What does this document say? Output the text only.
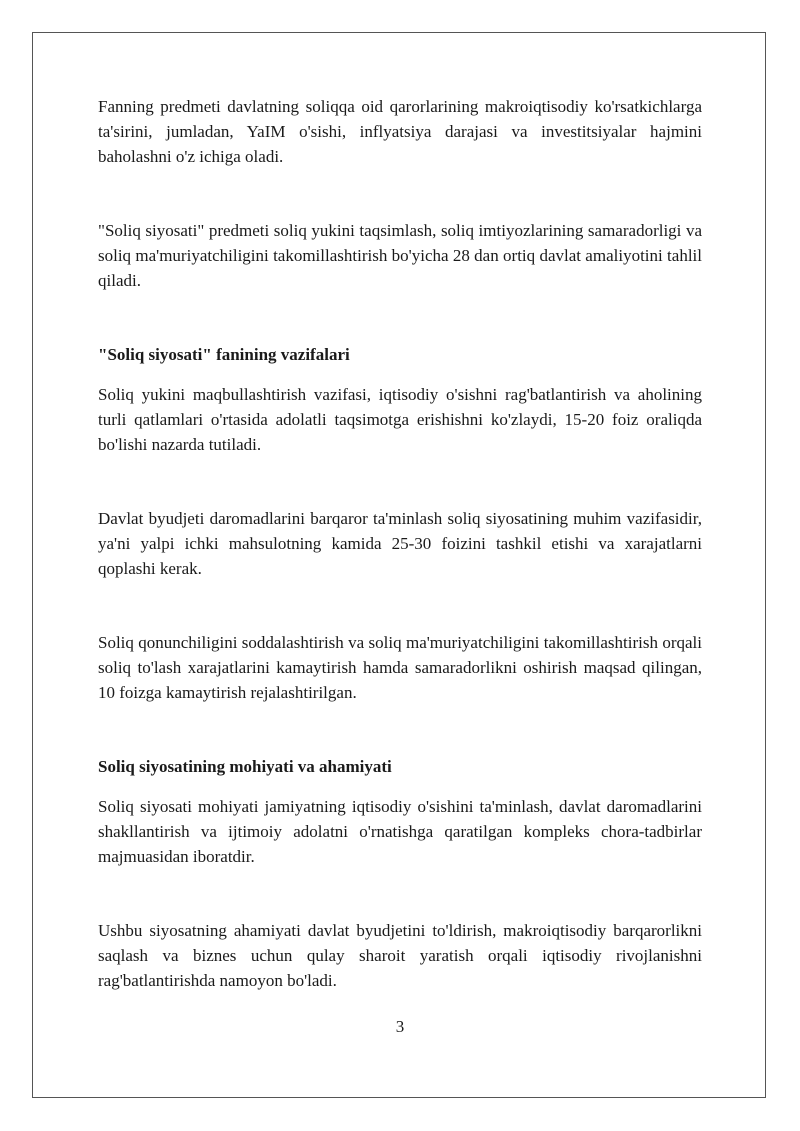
Fanning predmeti davlatning soliqqa oid qarorlarining makroiqtisodiy ko'rsatkichlarga ta'sirini, jumladan, YaIM o'sishi, inflyatsiya darajasi va investitsiyalar hajmini baholashni o'z ichiga oladi.

"Soliq siyosati" predmeti soliq yukini taqsimlash, soliq imtiyozlarining samaradorligi va soliq ma'muriyatchiligini takomillashtirish bo'yicha 28 dan ortiq davlat amaliyotini tahlil qiladi.

"Soliq siyosati" fanining vazifalari

Soliq yukini maqbullashtirish vazifasi, iqtisodiy o'sishni rag'batlantirish va aholining turli qatlamlari o'rtasida adolatli taqsimotga erishishni ko'zlaydi, 15-20 foiz oraliqda bo'lishi nazarda tutiladi.

Davlat byudjeti daromadlarini barqaror ta'minlash soliq siyosatining muhim vazifasidir, ya'ni yalpi ichki mahsulotning kamida 25-30 foizini tashkil etishi va xarajatlarni qoplashi kerak.

Soliq qonunchiligini soddalashtirish va soliq ma'muriyatchiligini takomillashtirish orqali soliq to'lash xarajatlarini kamaytirish hamda samaradorlikni oshirish maqsad qilingan, 10 foizga kamaytirish rejalashtirilgan.

Soliq siyosatining mohiyati va ahamiyati

Soliq siyosati mohiyati jamiyatning iqtisodiy o'sishini ta'minlash, davlat daromadlarini shakllantirish va ijtimoiy adolatni o'rnatishga qaratilgan kompleks chora-tadbirlar majmuasidan iboratdir.

Ushbu siyosatning ahamiyati davlat byudjetini to'ldirish, makroiqtisodiy barqarorlikni saqlash va biznes uchun qulay sharoit yaratish orqali iqtisodiy rivojlanishni rag'batlantirishda namoyon bo'ladi.

3
